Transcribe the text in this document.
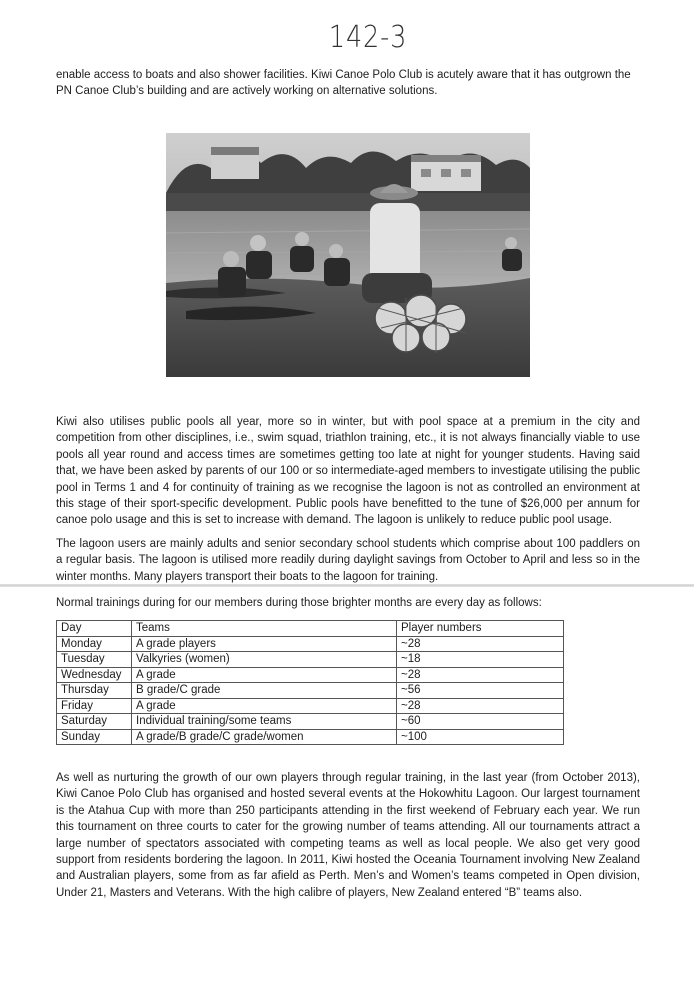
142-3

enable access to boats and also shower facilities. Kiwi Canoe Polo Club is acutely aware that it has outgrown the PN Canoe Club’s building and are actively working on alternative solutions.

Kiwi also utilises public pools all year, more so in winter, but with pool space at a premium in the city and competition from other disciplines, i.e., swim squad, triathlon training, etc., it is not always financially viable to use pools all year round and access times are sometimes getting too late at night for younger students. Having said that, we have been asked by parents of our 100 or so intermediate-aged members to investigate utilising the public pool in Terms 1 and 4 for continuity of training as we recognise the lagoon is not as controlled an environment at this stage of their sport-specific development. Public pools have benefitted to the tune of $26,000 per annum for canoe polo usage and this is set to increase with demand. The lagoon is unlikely to reduce public pool usage.

The lagoon users are mainly adults and senior secondary school students which comprise about 100 paddlers on a regular basis. The lagoon is utilised more readily during daylight savings from October to April and less so in the winter months. Many players transport their boats to the lagoon for training.

Normal trainings during for our members during those brighter months are every day as follows:

Day	Teams	Player numbers
Monday	A grade players	~28
Tuesday	Valkyries (women)	~18
Wednesday	A grade	~28
Thursday	B grade/C grade	~56
Friday	A grade	~28
Saturday	Individual training/some teams	~60
Sunday	A grade/B grade/C grade/women	~100

As well as nurturing the growth of our own players through regular training, in the last year (from October 2013), Kiwi Canoe Polo Club has organised and hosted several events at the Hokowhitu Lagoon. Our largest tournament is the Atahua Cup with more than 250 participants attending in the first weekend of February each year. We run this tournament on three courts to cater for the growing number of teams attending. All our tournaments attract a large number of spectators associated with competing teams as well as local people. We also get very good support from residents bordering the lagoon. In 2011, Kiwi hosted the Oceania Tournament involving New Zealand and Australian players, some from as far afield as Perth. Men’s and Women’s teams competed in Open division, Under 21, Masters and Veterans. With the high calibre of players, New Zealand entered “B” teams also.
